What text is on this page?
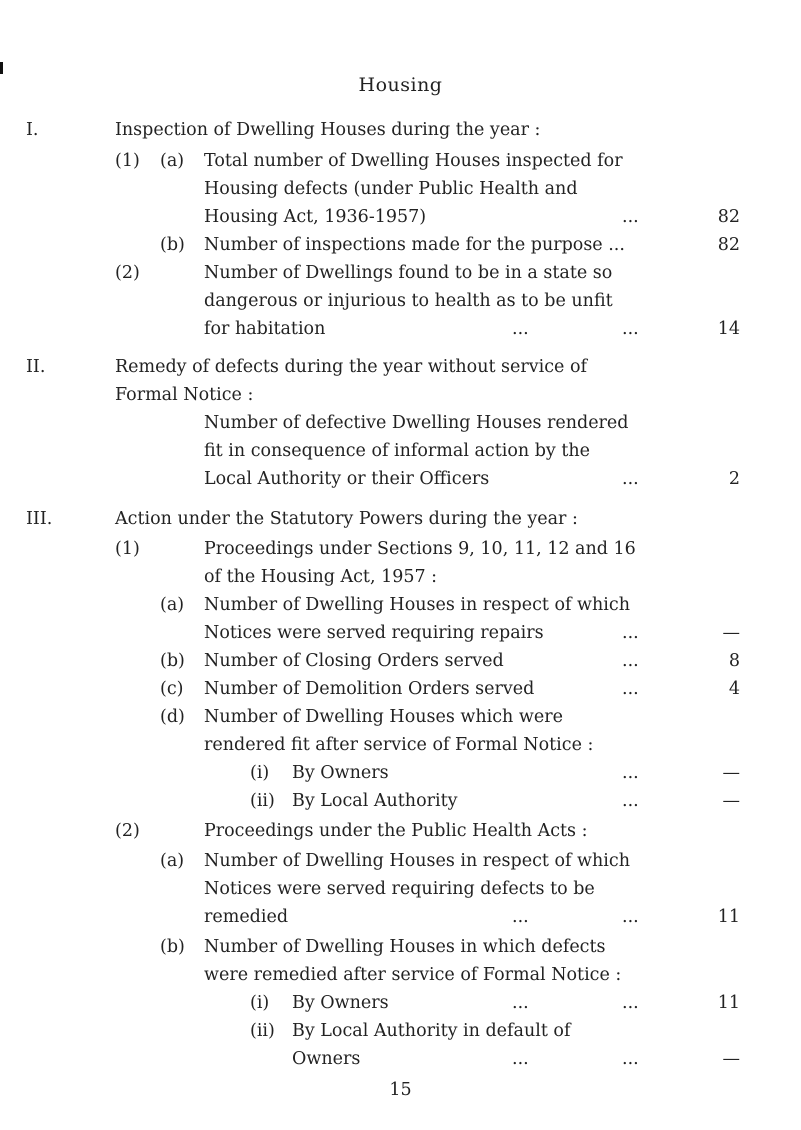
Housing
I.	Inspection of Dwelling Houses during the year :
(1) (a) Total number of Dwelling Houses inspected for
Housing defects (under Public Health and
Housing Act, 1936-1957)	...	82
(b) Number of inspections made for the purpose ...	82
(2)	Number of Dwellings found to be in a state so
dangerous or injurious to health as to be unfit
for habitation	...	...	14
II.	Remedy of defects during the year without service of
Formal Notice :
Number of defective Dwelling Houses rendered
fit in consequence of informal action by the
Local Authority or their Officers	...	2
III.	Action under the Statutory Powers during the year :
(1)	Proceedings under Sections 9, 10, 11, 12 and 16
of the Housing Act, 1957 :
(a) Number of Dwelling Houses in respect of which
Notices were served requiring repairs	...	—
(b) Number of Closing Orders served	...	8
(c) Number of Demolition Orders served	...	4
(d) Number of Dwelling Houses which were
rendered fit after service of Formal Notice :
(i) By Owners	...	—
(ii) By Local Authority	...	—
(2)	Proceedings under the Public Health Acts :
(a) Number of Dwelling Houses in respect of which
Notices were served requiring defects to be
remedied	...	...	11
(b) Number of Dwelling Houses in which defects
were remedied after service of Formal Notice :
(i) By Owners	...	...	11
(ii) By Local Authority in default of
Owners	...	...	—
15
